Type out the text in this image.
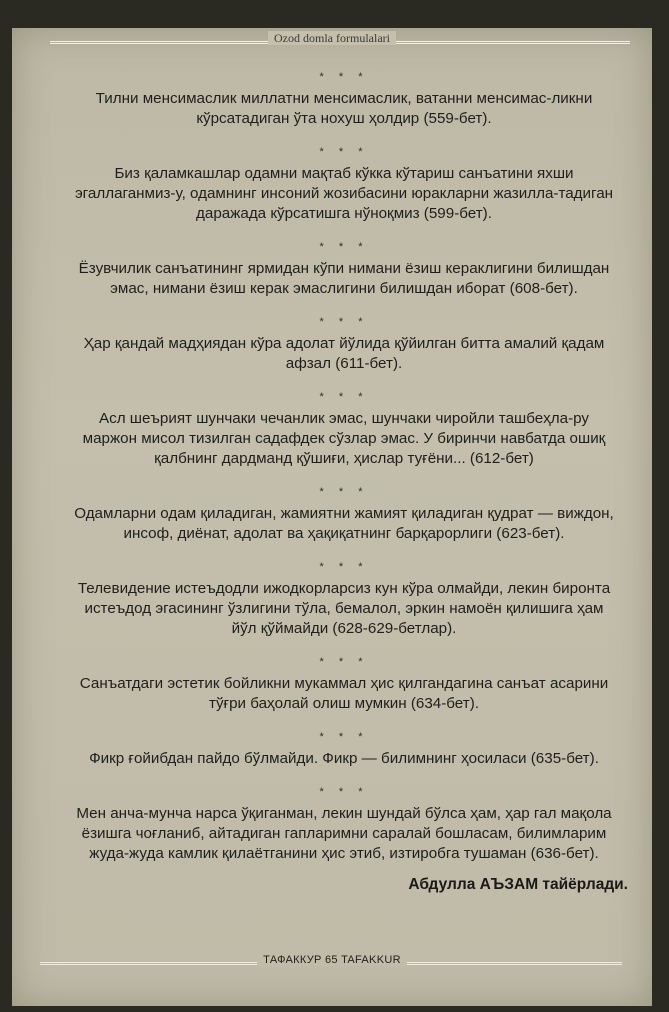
Ozod domla formulalari
* * *

Тилни менсимаслик миллатни менсимаслик, ватанни менсимас-ликни кўрсатадиган ўта нохуш ҳолдир (559-бет).

* * *

Биз қаламкашлар одамни мақтаб кўкка кўтариш санъатини яхши эгаллаганмиз-у, одамнинг инсоний жозибасини юракларни жазилла-тадиган даражада кўрсатишга нўноқмиз (599-бет).

* * *

Ёзувчилик санъатининг ярмидан кўпи нимани ёзиш кераклигини билишдан эмас, нимани ёзиш керак эмаслигини билишдан иборат (608-бет).

* * *

Ҳар қандай мадҳиядан кўра адолат йўлида қўйилган битта амалий қадам афзал (611-бет).

* * *

Асл шеърият шунчаки чечанлик эмас, шунчаки чиройли ташбеҳла-ру маржон мисол тизилган садафдек сўзлар эмас. У биринчи навбатда ошиқ қалбнинг дардманд қўшиғи, ҳислар туғёни... (612-бет)

* * *

Одамларни одам қиладиган, жамиятни жамият қиладиган қудрат — виждон, инсоф, диёнат, адолат ва ҳақиқатнинг барқарорлиги (623-бет).

* * *

Телевидение истеъдодли ижодкорларсиз кун кўра олмайди, лекин биронта истеъдод эгасининг ўзлигини тўла, бемалол, эркин намоён қилишига ҳам йўл қўймайди (628-629-бетлар).

* * *

Санъатдаги эстетик бойликни мукаммал ҳис қилгандагина санъат асарини тўғри баҳолай олиш мумкин (634-бет).

* * *

Фикр ғойибдан пайдо бўлмайди. Фикр — билимнинг ҳосиласи (635-бет).

* * *

Мен анча-мунча нарса ўқиганман, лекин шундай бўлса ҳам, ҳар гал мақола ёзишга чоғланиб, айтадиган гапларимни саралай бошласам, билимларим жуда-жуда камлик қилаётганини ҳис этиб, изтиробга тушаман (636-бет).

Абдулла АЪЗАМ тайёрлади.
ТАФАККУР 65 TAFAKKUR
